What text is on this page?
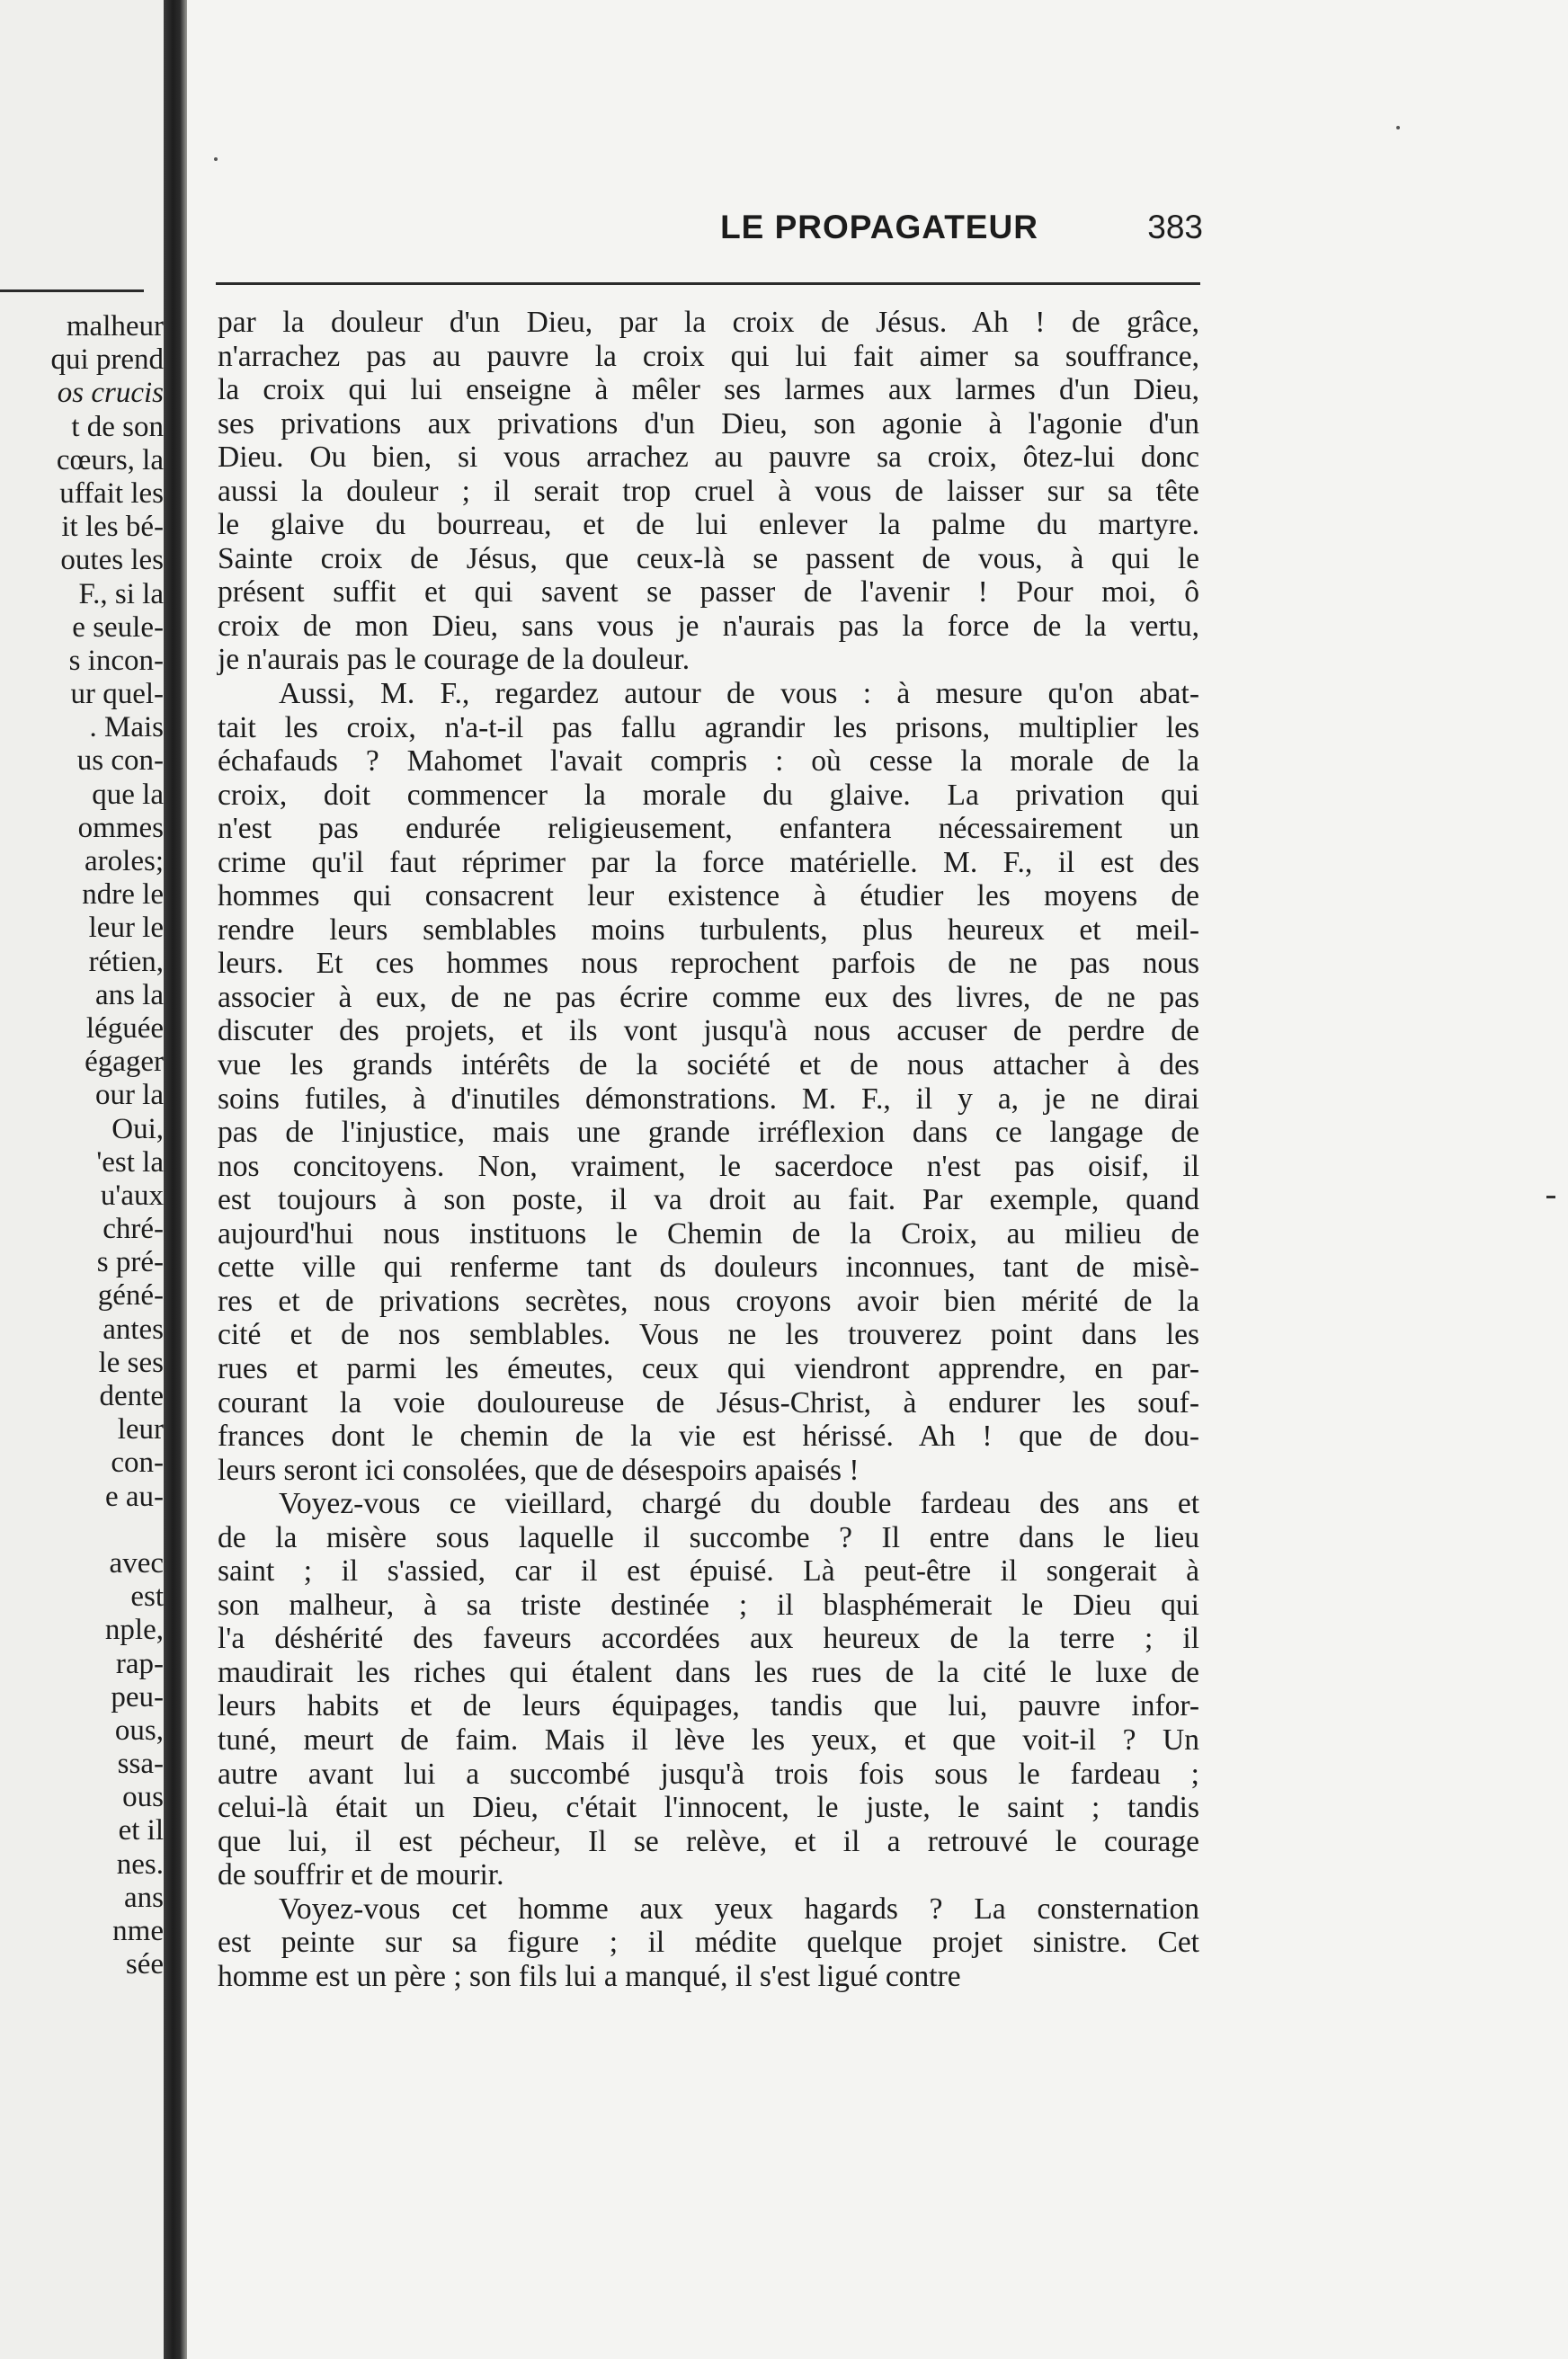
malheur
qui prend
os crucis
t de son
cœurs, la
uffait les
it les bé-
outes les
F., si la
e seule-
s incon-
ur quel-
. Mais
us con-
que la
ommes
aroles;
ndre le
leur le
rétien,
ans la
léguée
égager
our la
Oui,
'est la
u'aux
chré-
s pré-
géné-
antes
le ses
dente
leur
con-
e au-
avec
est
nple,
rap-
peu-
ous,
ssa-
ous
et il
nes.
ans
nme
sée
LE PROPAGATEUR	383
par la douleur d'un Dieu, par la croix de Jésus. Ah ! de grâce,
n'arrachez pas au pauvre la croix qui lui fait aimer sa souffrance,
la croix qui lui enseigne à mêler ses larmes aux larmes d'un Dieu,
ses privations aux privations d'un Dieu, son agonie à l'agonie d'un
Dieu. Ou bien, si vous arrachez au pauvre sa croix, ôtez-lui donc
aussi la douleur ; il serait trop cruel à vous de laisser sur sa tête
le glaive du bourreau, et de lui enlever la palme du martyre.
Sainte croix de Jésus, que ceux-là se passent de vous, à qui le
présent suffit et qui savent se passer de l'avenir ! Pour moi, ô
croix de mon Dieu, sans vous je n'aurais pas la force de la vertu,
je n'aurais pas le courage de la douleur.
Aussi, M. F., regardez autour de vous : à mesure qu'on abat-
tait les croix, n'a-t-il pas fallu agrandir les prisons, multiplier les
échafauds ? Mahomet l'avait compris : où cesse la morale de la
croix, doit commencer la morale du glaive. La privation qui
n'est pas endurée religieusement, enfantera nécessairement un
crime qu'il faut réprimer par la force matérielle. M. F., il est des
hommes qui consacrent leur existence à étudier les moyens de
rendre leurs semblables moins turbulents, plus heureux et meil-
leurs. Et ces hommes nous reprochent parfois de ne pas nous
associer à eux, de ne pas écrire comme eux des livres, de ne pas
discuter des projets, et ils vont jusqu'à nous accuser de perdre de
vue les grands intérêts de la société et de nous attacher à des
soins futiles, à d'inutiles démonstrations. M. F., il y a, je ne dirai
pas de l'injustice, mais une grande irréflexion dans ce langage de
nos concitoyens. Non, vraiment, le sacerdoce n'est pas oisif, il
est toujours à son poste, il va droit au fait. Par exemple, quand
aujourd'hui nous instituons le Chemin de la Croix, au milieu de
cette ville qui renferme tant ds douleurs inconnues, tant de misè-
res et de privations secrètes, nous croyons avoir bien mérité de la
cité et de nos semblables. Vous ne les trouverez point dans les
rues et parmi les émeutes, ceux qui viendront apprendre, en par-
courant la voie douloureuse de Jésus-Christ, à endurer les souf-
frances dont le chemin de la vie est hérissé. Ah ! que de dou-
leurs seront ici consolées, que de désespoirs apaisés !
Voyez-vous ce vieillard, chargé du double fardeau des ans et
de la misère sous laquelle il succombe ? Il entre dans le lieu
saint ; il s'assied, car il est épuisé. Là peut-être il songerait à
son malheur, à sa triste destinée ; il blasphémerait le Dieu qui
l'a déshérité des faveurs accordées aux heureux de la terre ; il
maudirait les riches qui étalent dans les rues de la cité le luxe de
leurs habits et de leurs équipages, tandis que lui, pauvre infor-
tuné, meurt de faim. Mais il lève les yeux, et que voit-il ? Un
autre avant lui a succombé jusqu'à trois fois sous le fardeau ;
celui-là était un Dieu, c'était l'innocent, le juste, le saint ; tandis
que lui, il est pécheur, Il se relève, et il a retrouvé le courage
de souffrir et de mourir.
Voyez-vous cet homme aux yeux hagards ? La consternation
est peinte sur sa figure ; il médite quelque projet sinistre. Cet
homme est un père ; son fils lui a manqué, il s'est ligué contre
